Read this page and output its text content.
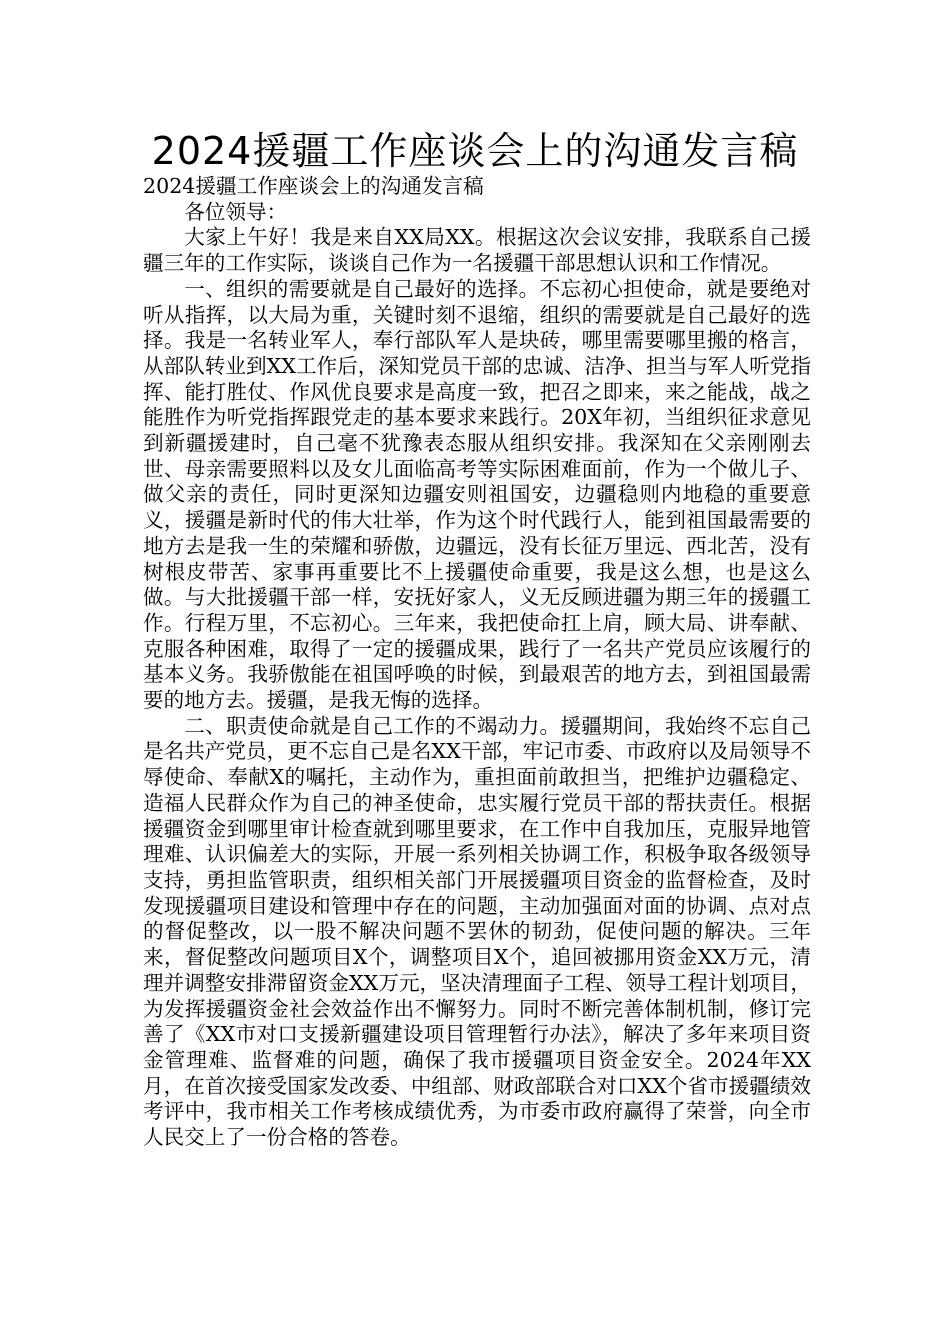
2024援疆工作座谈会上的沟通发言稿

2024援疆工作座谈会上的沟通发言稿

各位领导：

大家上午好！我是来自XX局XX。根据这次会议安排，我联系自己援疆三年的工作实际，谈谈自己作为一名援疆干部思想认识和工作情况。

一、组织的需要就是自己最好的选择。不忘初心担使命，就是要绝对听从指挥，以大局为重，关键时刻不退缩，组织的需要就是自己最好的选择。我是一名转业军人，奉行部队军人是块砖，哪里需要哪里搬的格言，从部队转业到XX工作后，深知党员干部的忠诚、洁净、担当与军人听党指挥、能打胜仗、作风优良要求是高度一致，把召之即来，来之能战，战之能胜作为听党指挥跟党走的基本要求来践行。20X年初，当组织征求意见到新疆援建时，自己毫不犹豫表态服从组织安排。我深知在父亲刚刚去世、母亲需要照料以及女儿面临高考等实际困难面前，作为一个做儿子、做父亲的责任，同时更深知边疆安则祖国安，边疆稳则内地稳的重要意义，援疆是新时代的伟大壮举，作为这个时代践行人，能到祖国最需要的地方去是我一生的荣耀和骄傲，边疆远，没有长征万里远、西北苦，没有树根皮带苦、家事再重要比不上援疆使命重要，我是这么想，也是这么做。与大批援疆干部一样，安抚好家人，义无反顾进疆为期三年的援疆工作。行程万里，不忘初心。三年来，我把使命扛上肩，顾大局、讲奉献、克服各种困难，取得了一定的援疆成果，践行了一名共产党员应该履行的基本义务。我骄傲能在祖国呼唤的时候，到最艰苦的地方去，到祖国最需要的地方去。援疆，是我无悔的选择。

二、职责使命就是自己工作的不竭动力。援疆期间，我始终不忘自己是名共产党员，更不忘自己是名XX干部，牢记市委、市政府以及局领导不辱使命、奉献X的嘱托，主动作为，重担面前敢担当，把维护边疆稳定、造福人民群众作为自己的神圣使命，忠实履行党员干部的帮扶责任。根据援疆资金到哪里审计检查就到哪里要求，在工作中自我加压，克服异地管理难、认识偏差大的实际，开展一系列相关协调工作，积极争取各级领导支持，勇担监管职责，组织相关部门开展援疆项目资金的监督检查，及时发现援疆项目建设和管理中存在的问题，主动加强面对面的协调、点对点的督促整改，以一股不解决问题不罢休的韧劲，促使问题的解决。三年来，督促整改问题项目X个，调整项目X个，追回被挪用资金XX万元，清理并调整安排滞留资金XX万元，坚决清理面子工程、领导工程计划项目，为发挥援疆资金社会效益作出不懈努力。同时不断完善体制机制，修订完善了《XX市对口支援新疆建设项目管理暂行办法》，解决了多年来项目资金管理难、监督难的问题，确保了我市援疆项目资金安全。2024年XX月，在首次接受国家发改委、中组部、财政部联合对口XX个省市援疆绩效考评中，我市相关工作考核成绩优秀，为市委市政府赢得了荣誉，向全市人民交上了一份合格的答卷。
